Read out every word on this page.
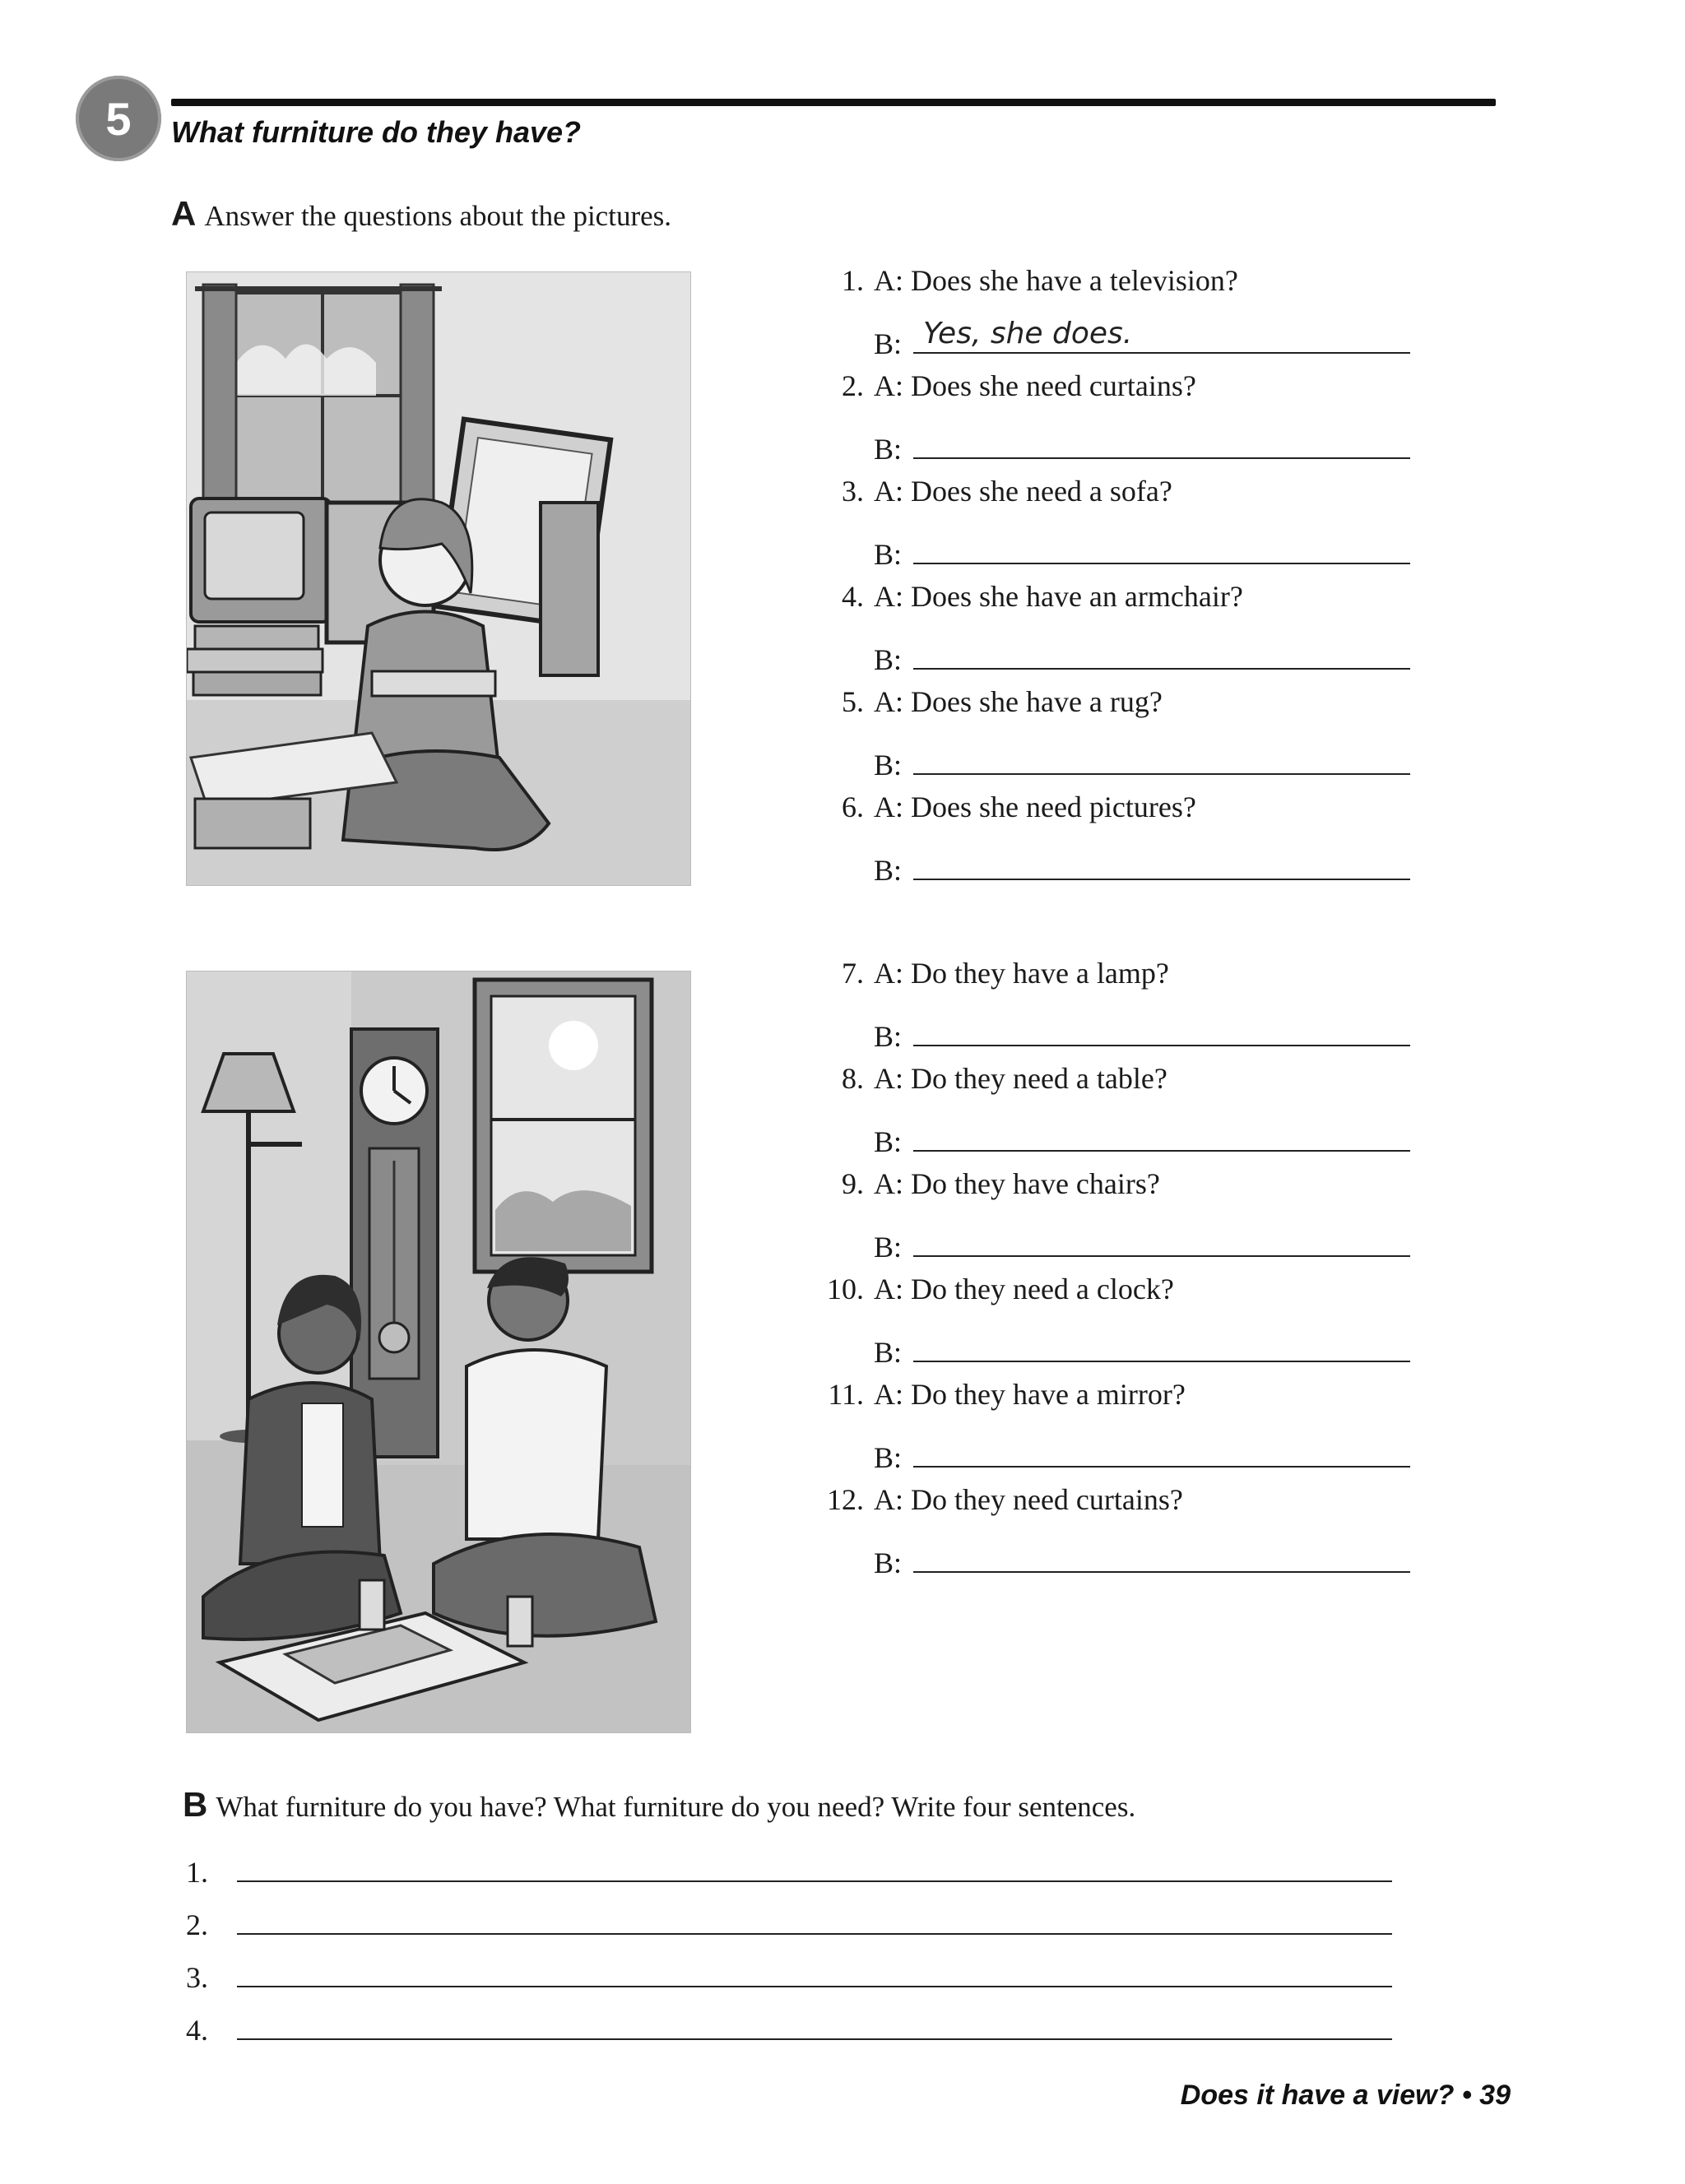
5	What furniture do they have?
A Answer the questions about the pictures.
1. A: Does she have a television?
B: Yes, she does.
2. A: Does she need curtains?
B:
3. A: Does she need a sofa?
B:
4. A: Does she have an armchair?
B:
5. A: Does she have a rug?
B:
6. A: Does she need pictures?
B:
7. A: Do they have a lamp?
B:
8. A: Do they need a table?
B:
9. A: Do they have chairs?
B:
10. A: Do they need a clock?
B:
11. A: Do they have a mirror?
B:
12. A: Do they need curtains?
B:
B What furniture do you have? What furniture do you need? Write four sentences.
1.
2.
3.
4.
Does it have a view? • 39
